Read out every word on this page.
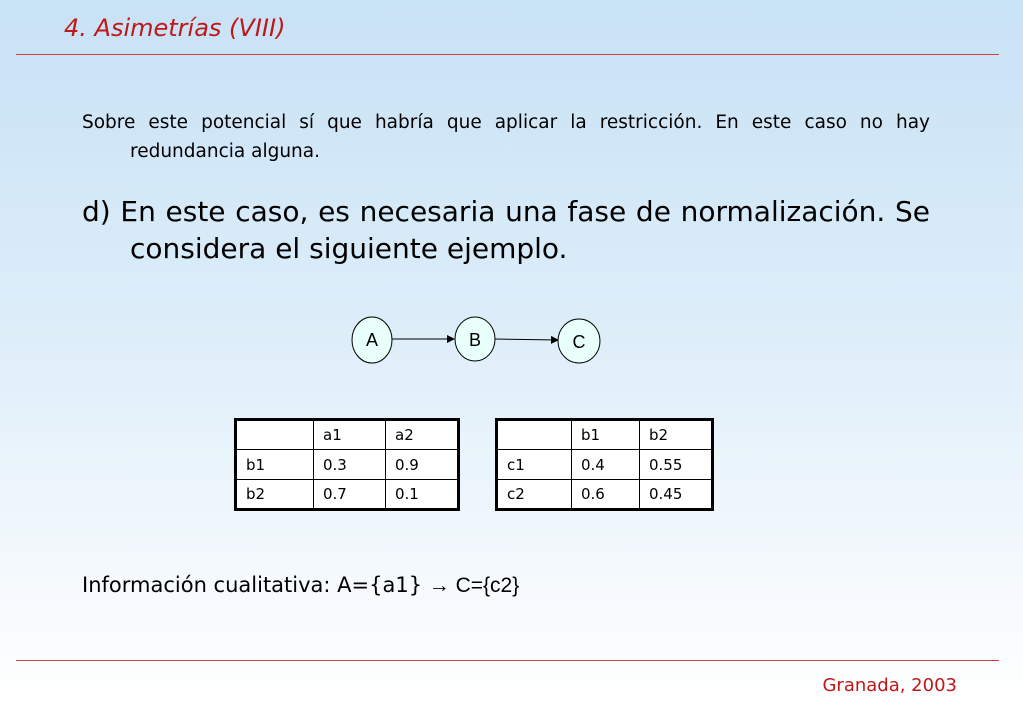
4. Asimetrías (VIII)
Sobre este potencial sí que habría que aplicar la restricción. En este caso no hay redundancia alguna.
d) En este caso, es necesaria una fase de normalización. Se considera el siguiente ejemplo.
A	B	C
	a1	a2
b1	0.3	0.9
b2	0.7	0.1
	b1	b2
c1	0.4	0.55
c2	0.6	0.45
Información cualitativa: A={a1} → C={c2}
Granada, 2003
